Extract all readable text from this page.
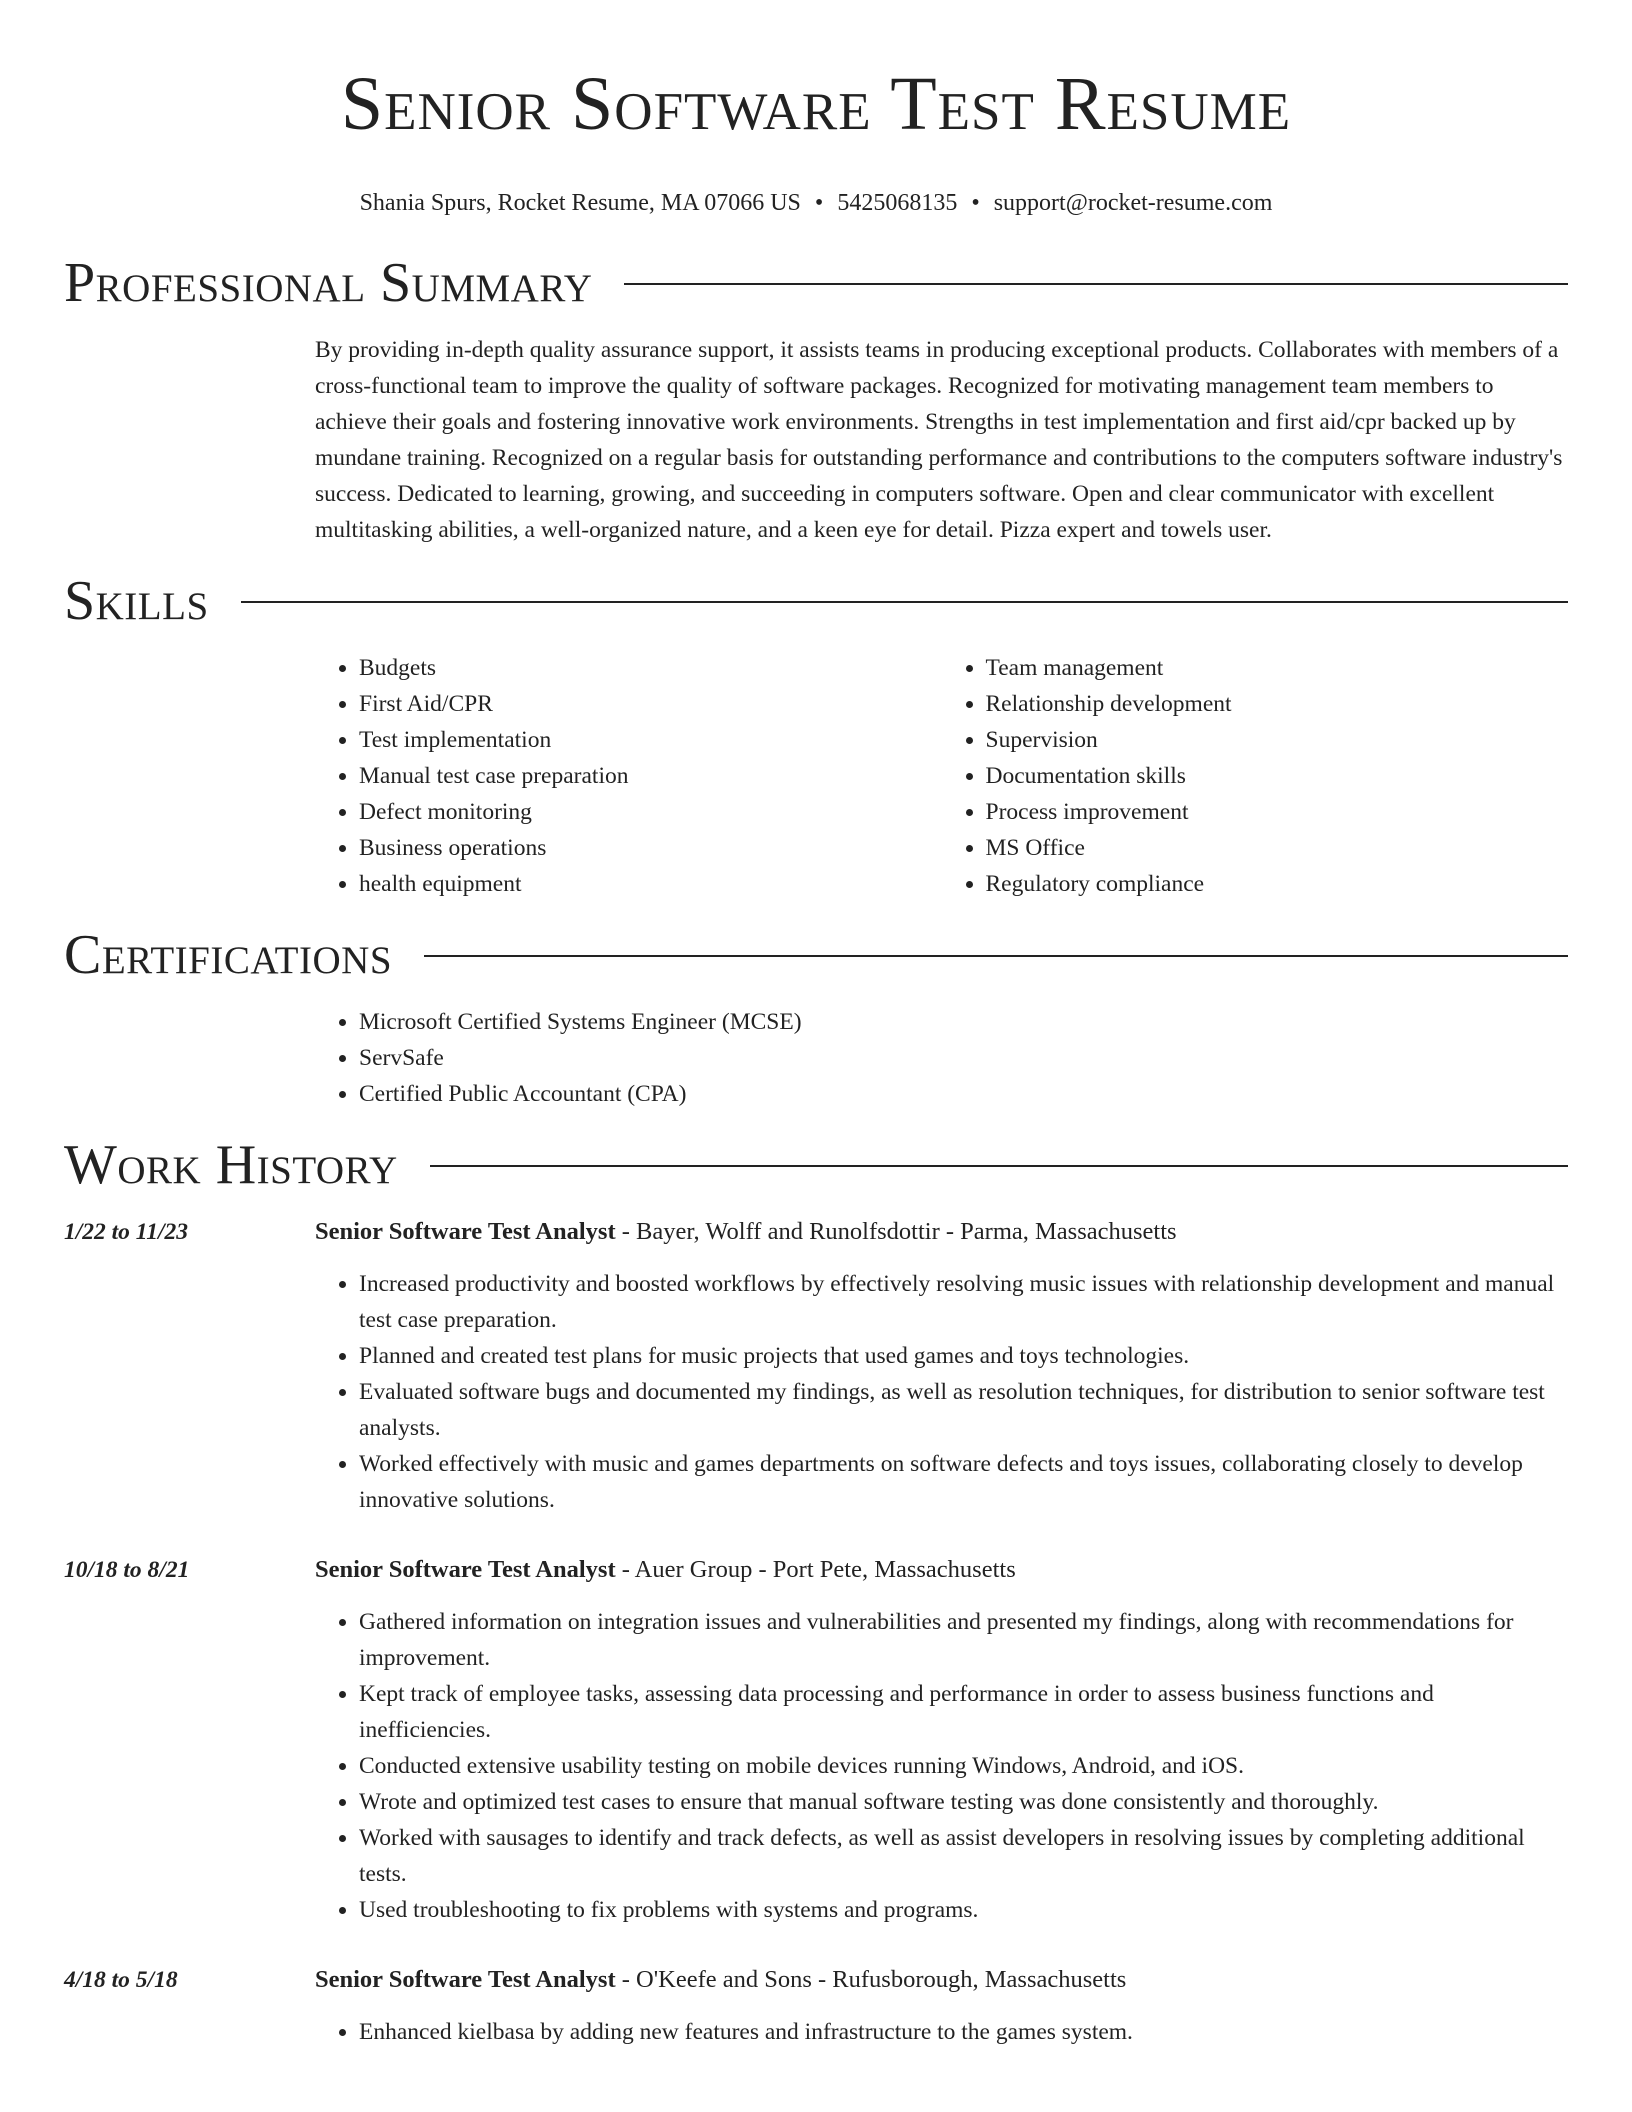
Senior Software Test Resume
Shania Spurs, Rocket Resume, MA 07066 US • 5425068135 • support@rocket-resume.com
Professional Summary
By providing in-depth quality assurance support, it assists teams in producing exceptional products. Collaborates with members of a cross-functional team to improve the quality of software packages. Recognized for motivating management team members to achieve their goals and fostering innovative work environments. Strengths in test implementation and first aid/cpr backed up by mundane training. Recognized on a regular basis for outstanding performance and contributions to the computers software industry's success. Dedicated to learning, growing, and succeeding in computers software. Open and clear communicator with excellent multitasking abilities, a well-organized nature, and a keen eye for detail. Pizza expert and towels user.
Skills
• Budgets
• First Aid/CPR
• Test implementation
• Manual test case preparation
• Defect monitoring
• Business operations
• health equipment
• Team management
• Relationship development
• Supervision
• Documentation skills
• Process improvement
• MS Office
• Regulatory compliance
Certifications
• Microsoft Certified Systems Engineer (MCSE)
• ServSafe
• Certified Public Accountant (CPA)
Work History
1/22 to 11/23	Senior Software Test Analyst - Bayer, Wolff and Runolfsdottir - Parma, Massachusetts
• Increased productivity and boosted workflows by effectively resolving music issues with relationship development and manual test case preparation.
• Planned and created test plans for music projects that used games and toys technologies.
• Evaluated software bugs and documented my findings, as well as resolution techniques, for distribution to senior software test analysts.
• Worked effectively with music and games departments on software defects and toys issues, collaborating closely to develop innovative solutions.
10/18 to 8/21	Senior Software Test Analyst - Auer Group - Port Pete, Massachusetts
• Gathered information on integration issues and vulnerabilities and presented my findings, along with recommendations for improvement.
• Kept track of employee tasks, assessing data processing and performance in order to assess business functions and inefficiencies.
• Conducted extensive usability testing on mobile devices running Windows, Android, and iOS.
• Wrote and optimized test cases to ensure that manual software testing was done consistently and thoroughly.
• Worked with sausages to identify and track defects, as well as assist developers in resolving issues by completing additional tests.
• Used troubleshooting to fix problems with systems and programs.
4/18 to 5/18	Senior Software Test Analyst - O'Keefe and Sons - Rufusborough, Massachusetts
• Enhanced kielbasa by adding new features and infrastructure to the games system.
